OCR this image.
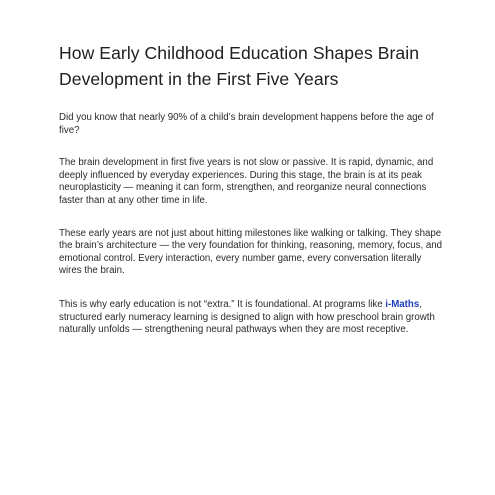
How Early Childhood Education Shapes Brain Development in the First Five Years

Did you know that nearly 90% of a child’s brain development happens before the age of five?

The brain development in first five years is not slow or passive. It is rapid, dynamic, and deeply influenced by everyday experiences. During this stage, the brain is at its peak neuroplasticity — meaning it can form, strengthen, and reorganize neural connections faster than at any other time in life.

These early years are not just about hitting milestones like walking or talking. They shape the brain’s architecture — the very foundation for thinking, reasoning, memory, focus, and emotional control. Every interaction, every number game, every conversation literally wires the brain.

This is why early education is not “extra.” It is foundational. At programs like i-Maths, structured early numeracy learning is designed to align with how preschool brain growth naturally unfolds — strengthening neural pathways when they are most receptive.
